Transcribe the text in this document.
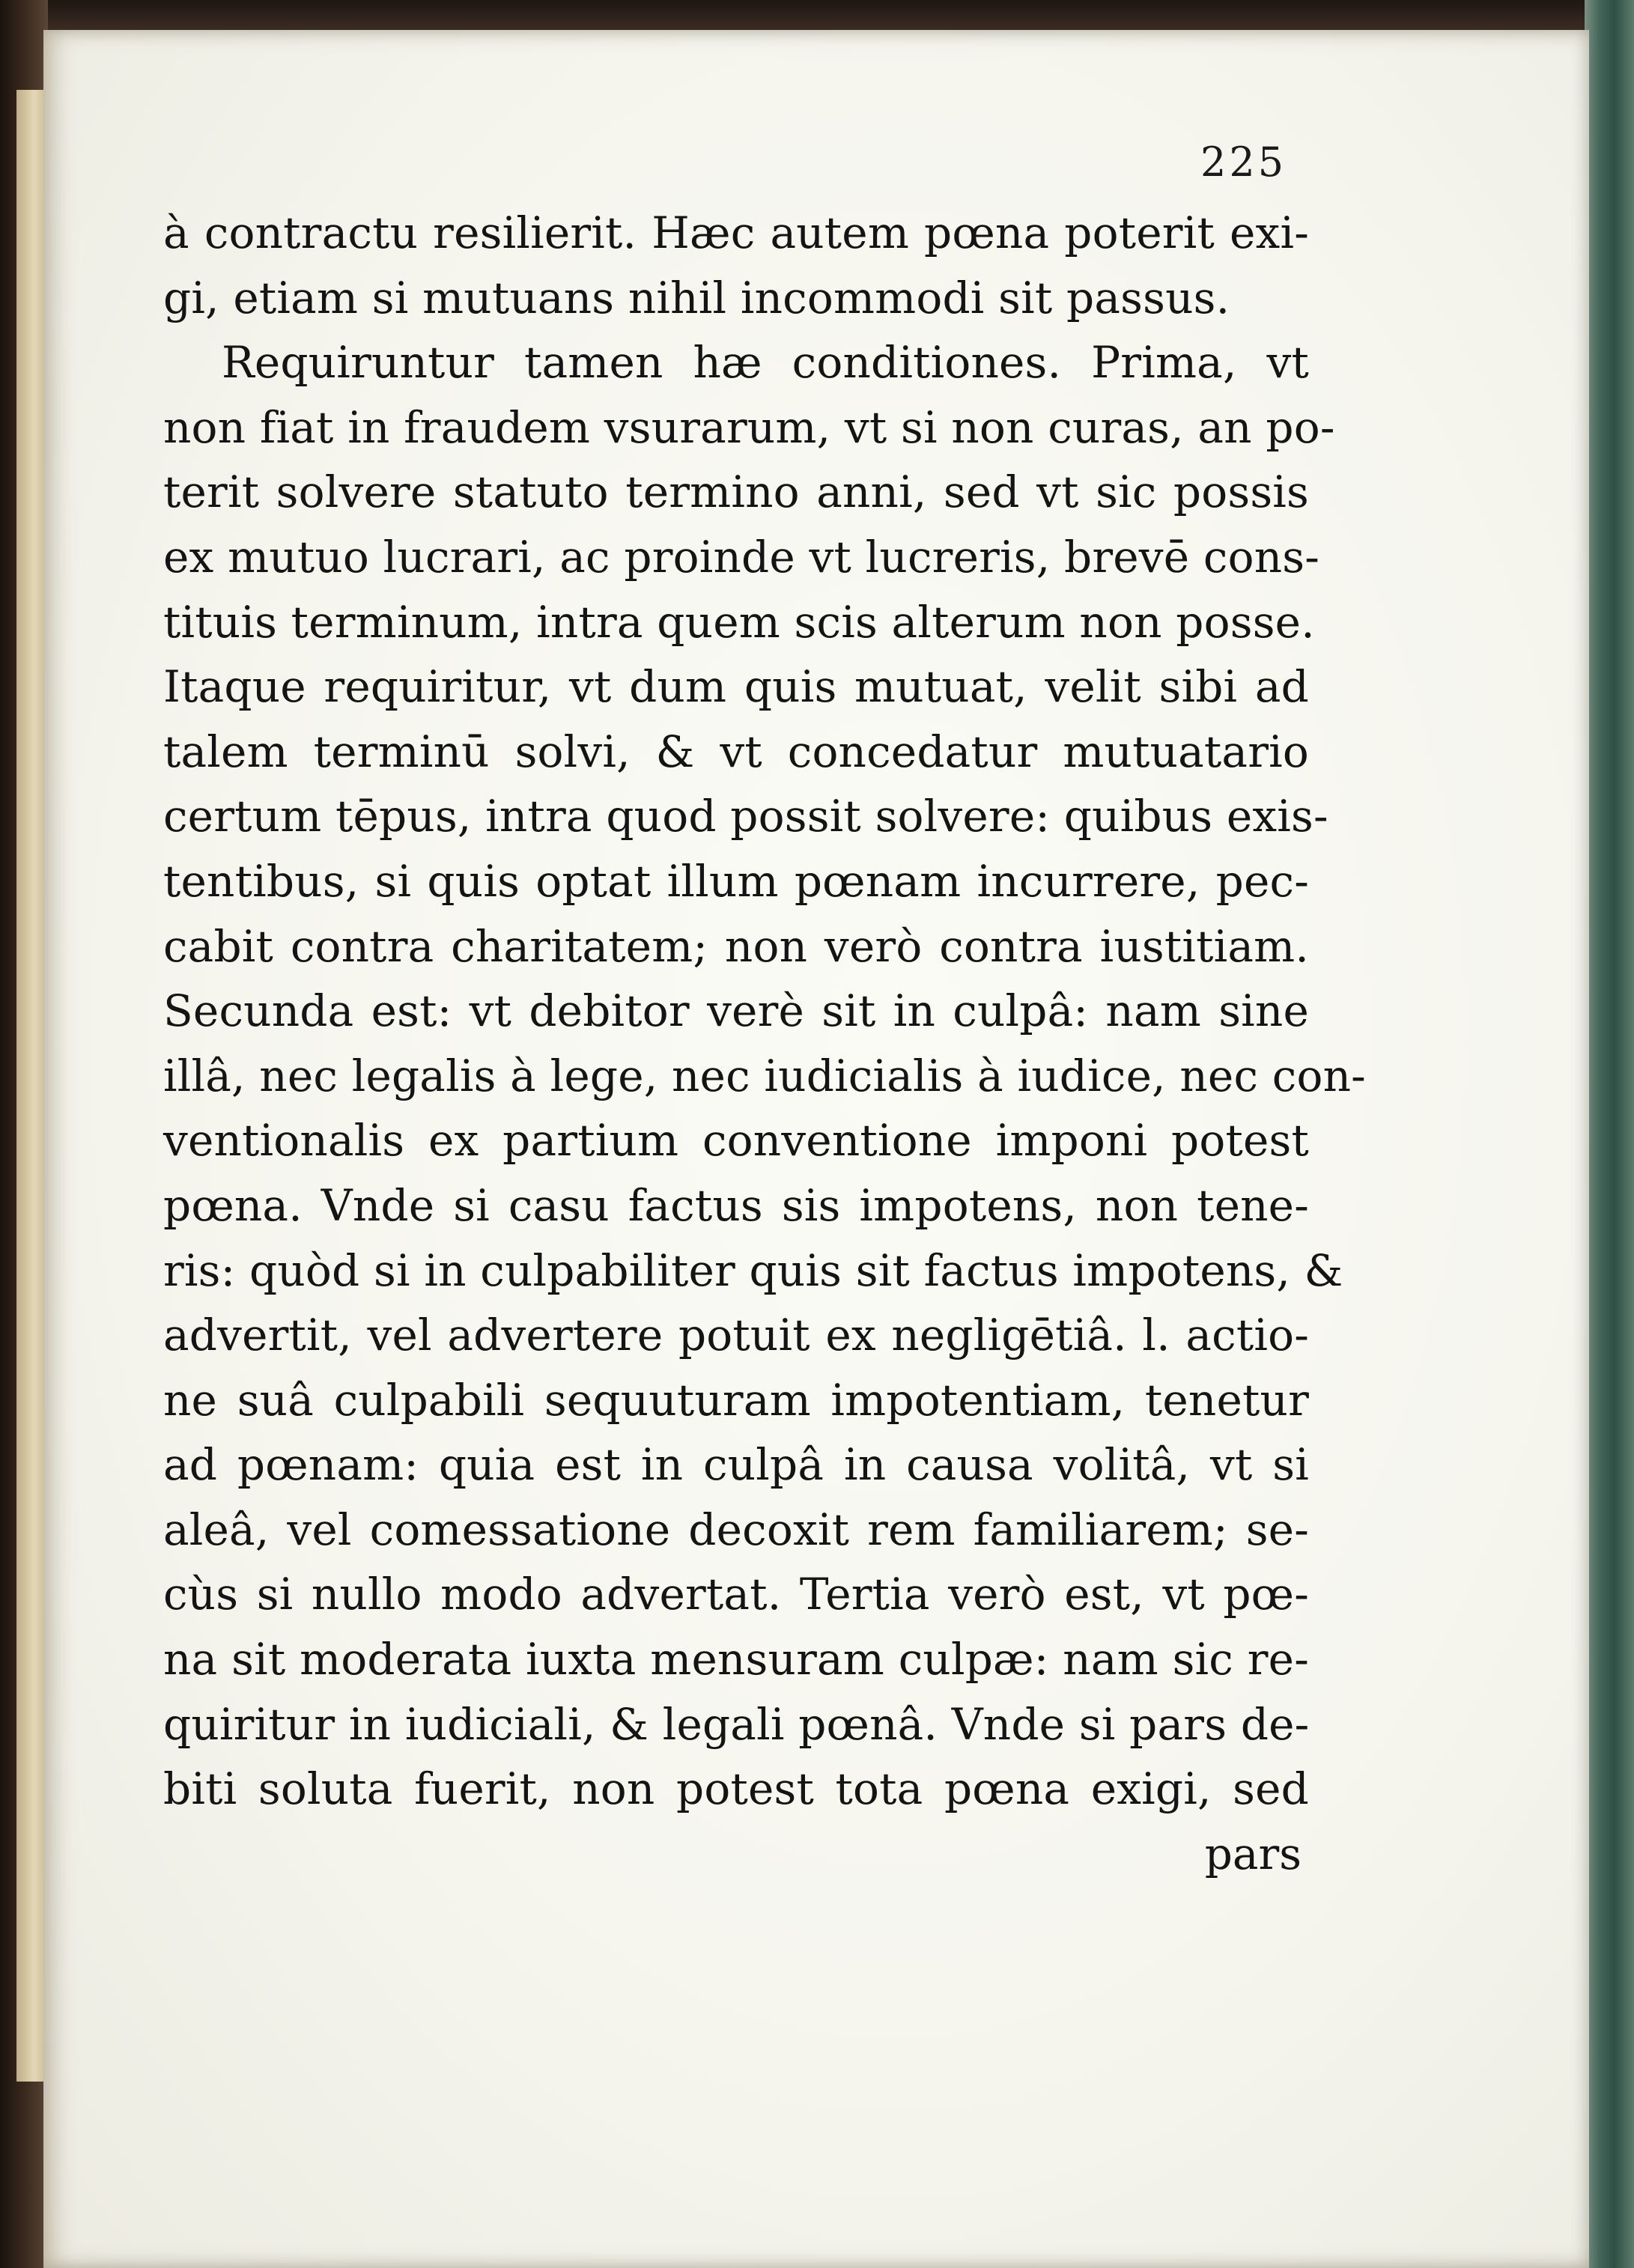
225
à contractu resilierit. Hæc autem pœna poterit exi-
gi, etiam si mutuans nihil incommodi sit passus.
Requiruntur tamen hæ conditiones. Prima, vt
non fiat in fraudem vsurarum, vt si non curas, an po-
terit solvere statuto termino anni, sed vt sic possis
ex mutuo lucrari, ac proinde vt lucreris, brevē cons-
tituis terminum, intra quem scis alterum non posse.
Itaque requiritur, vt dum quis mutuat, velit sibi ad
talem terminū solvi, & vt concedatur mutuatario
certum tēpus, intra quod possit solvere: quibus exis-
tentibus, si quis optat illum pœnam incurrere, pec-
cabit contra charitatem; non verò contra iustitiam.
Secunda est: vt debitor verè sit in culpâ: nam sine
illâ, nec legalis à lege, nec iudicialis à iudice, nec con-
ventionalis ex partium conventione imponi potest
pœna. Vnde si casu factus sis impotens, non tene-
ris: quòd si in culpabiliter quis sit factus impotens, &
advertit, vel advertere potuit ex negligētiâ. l. actio-
ne suâ culpabili sequuturam impotentiam, tenetur
ad pœnam: quia est in culpâ in causa volitâ, vt si
aleâ, vel comessatione decoxit rem familiarem; se-
cùs si nullo modo advertat. Tertia verò est, vt pœ-
na sit moderata iuxta mensuram culpæ: nam sic re-
quiritur in iudiciali, & legali pœnâ. Vnde si pars de-
biti soluta fuerit, non potest tota pœna exigi, sed
pars
